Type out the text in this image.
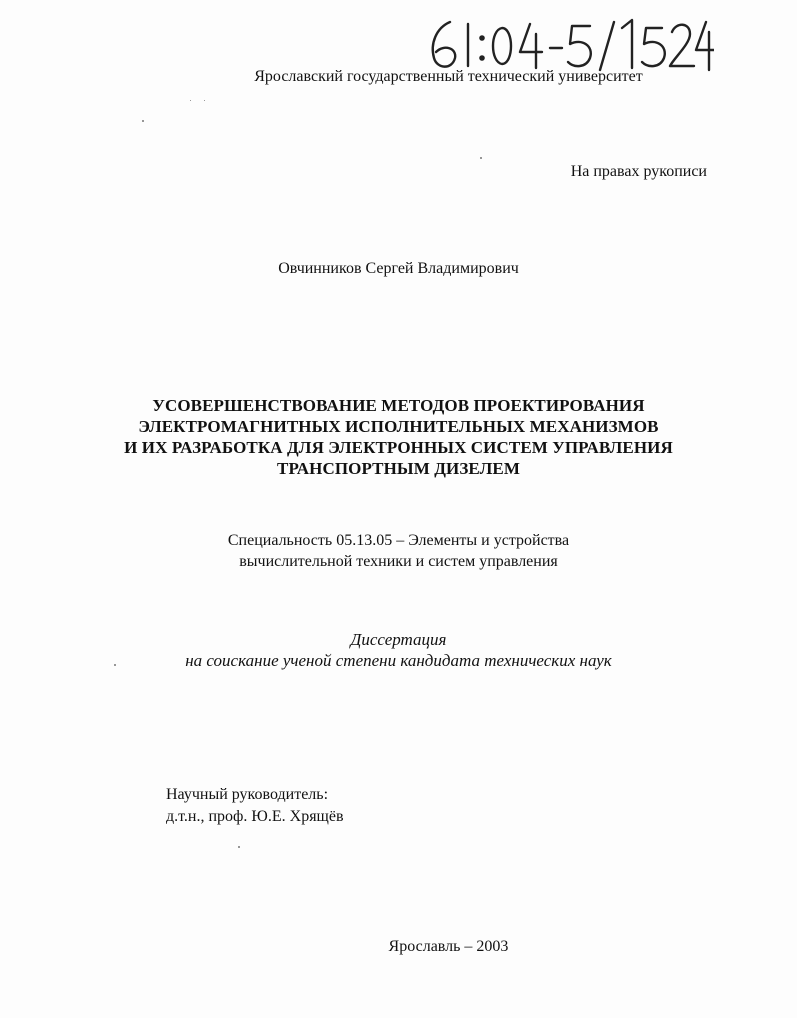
Ярославский государственный технический университет
На правах рукописи
Овчинников Сергей Владимирович
УСОВЕРШЕНСТВОВАНИЕ МЕТОДОВ ПРОЕКТИРОВАНИЯ
ЭЛЕКТРОМАГНИТНЫХ ИСПОЛНИТЕЛЬНЫХ МЕХАНИЗМОВ
И ИХ РАЗРАБОТКА ДЛЯ ЭЛЕКТРОННЫХ СИСТЕМ УПРАВЛЕНИЯ
ТРАНСПОРТНЫМ ДИЗЕЛЕМ
Специальность 05.13.05 – Элементы и устройства
вычислительной техники и систем управления
Диссертация
на соискание ученой степени кандидата технических наук
Научный руководитель:
д.т.н., проф. Ю.Е. Хрящёв
Ярославль – 2003
